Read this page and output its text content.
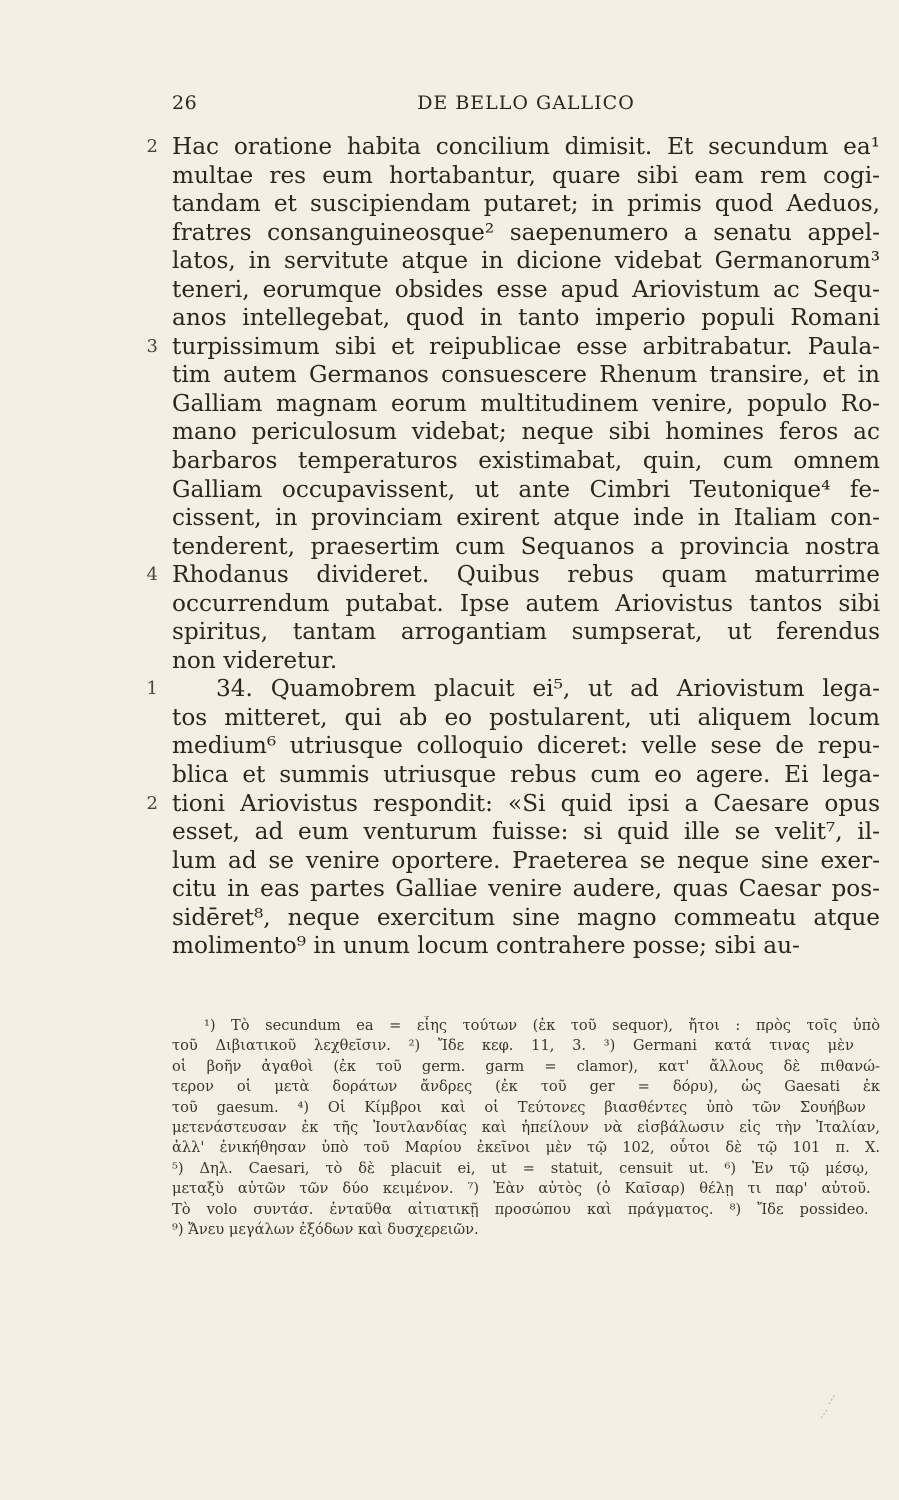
26	DE BELLO GALLICO
2 Hac oratione habita concilium dimisit. Et secundum ea¹
multae res eum hortabantur, quare sibi eam rem cogi-
tandam et suscipiendam putaret; in primis quod Aeduos,
fratres consanguineosque² saepenumero a senatu appel-
latos, in servitute atque in dicione videbat Germanorum³
teneri, eorumque obsides esse apud Ariovistum ac Sequ-
anos intellegebat, quod in tanto imperio populi Romani
3 turpissimum sibi et reipublicae esse arbitrabatur. Paula-
tim autem Germanos consuescere Rhenum transire, et in
Galliam magnam eorum multitudinem venire, populo Ro-
mano periculosum videbat; neque sibi homines feros ac
barbaros temperaturos existimabat, quin, cum omnem
Galliam occupavissent, ut ante Cimbri Teutonique⁴ fe-
cissent, in provinciam exirent atque inde in Italiam con-
tenderent, praesertim cum Sequanos a provincia nostra
4 Rhodanus divideret. Quibus rebus quam maturrime
occurrendum putabat. Ipse autem Ariovistus tantos sibi
spiritus, tantam arrogantiam sumpserat, ut ferendus
non videretur.
1	34. Quamobrem placuit ei⁵, ut ad Ariovistum lega-
tos mitteret, qui ab eo postularent, uti aliquem locum
medium⁶ utriusque colloquio diceret: velle sese de repu-
blica et summis utriusque rebus cum eo agere. Ei lega-
2 tioni Ariovistus respondit: «Si quid ipsi a Caesare opus
esset, ad eum venturum fuisse: si quid ille se velit⁷, il-
lum ad se venire oportere. Praeterea se neque sine exer-
citu in eas partes Galliae venire audere, quas Caesar pos-
sidēret⁸, neque exercitum sine magno commeatu atque
molimento⁹ in unum locum contrahere posse; sibi au-
¹) Τὸ secundum ea = εἶης τούτων (ἐκ τοῦ sequor), ἤτοι : πρὸς τοῖς ὑπὸ
τοῦ Διβιατικοῦ λεχθεῖσιν. ²) Ἴδε κεφ. 11, 3. ³) Germani κατά τινας μὲν
οἱ βοῆν ἀγαθοὶ (ἐκ τοῦ germ. garm = clamor), κατ' ἄλλους δὲ πιθανώ-
τερον οἱ μετὰ δοράτων ἄνδρες (ἐκ τοῦ ger = δόρυ), ὡς Gaesati ἐκ
τοῦ gaesum. ⁴) Οἱ Κίμβροι καὶ οἱ Τεύτονες βιασθέντες ὑπὸ τῶν Σουήβων
μετενάστευσαν ἐκ τῆς Ἰουτλανδίας καὶ ἠπείλουν νὰ εἰσβάλωσιν εἰς τὴν Ἰταλίαν,
ἀλλ' ἐνικήθησαν ὑπὸ τοῦ Μαρίου ἐκεῖνοι μὲν τῷ 102, οὗτοι δὲ τῷ 101 π. Χ.
⁵) Δηλ. Caesari, τὸ δὲ placuit ei, ut = statuit, censuit ut. ⁶) Ἐν τῷ μέσῳ,
μεταξὺ αὐτῶν τῶν δύο κειμένον. ⁷) Ἐὰν αὐτὸς (ὁ Καῖσαρ) θέλῃ τι παρ' αὐτοῦ.
Τὸ volo συντάσ. ἐνταῦθα αἰτιατικῇ προσώπου καὶ πράγματος. ⁸) Ἴδε possideo.
⁹) Ἄνευ μεγάλων ἐξόδων καὶ δυσχερειῶν.
